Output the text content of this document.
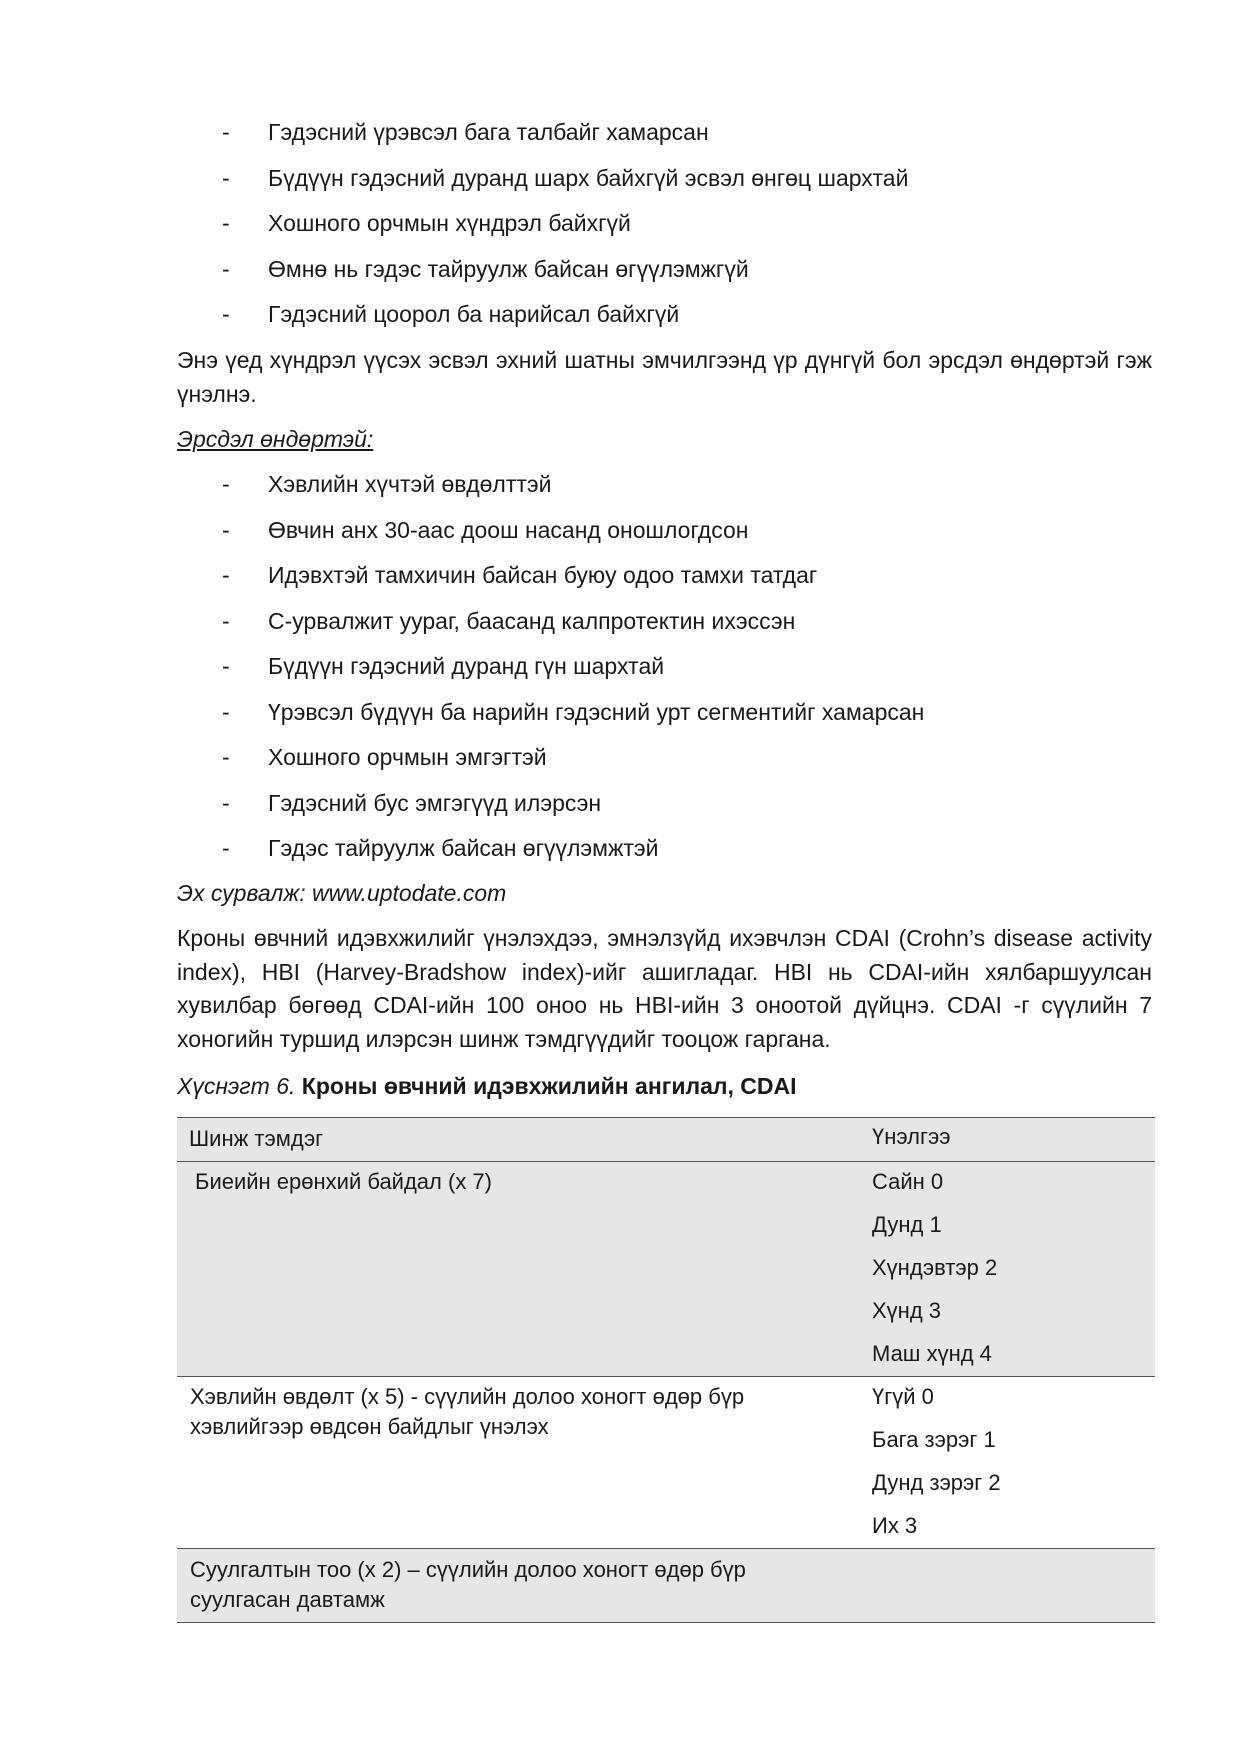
- Гэдэсний үрэвсэл бага талбайг хамарсан
- Бүдүүн гэдэсний дуранд шарх байхгүй эсвэл өнгөц шархтай
- Хошного орчмын хүндрэл байхгүй
- Өмнө нь гэдэс тайруулж байсан өгүүлэмжгүй
- Гэдэсний цоорол ба нарийсал байхгүй

Энэ үед хүндрэл үүсэх эсвэл эхний шатны эмчилгээнд үр дүнгүй бол эрсдэл өндөртэй гэж үнэлнэ.

Эрсдэл өндөртэй:

- Хэвлийн хүчтэй өвдөлттэй
- Өвчин анх 30-аас доош насанд оношлогдсон
- Идэвхтэй тамхичин байсан буюу одоо тамхи татдаг
- С-урвалжит уураг, баасанд калпротектин ихэссэн
- Бүдүүн гэдэсний дуранд гүн шархтай
- Үрэвсэл бүдүүн ба нарийн гэдэсний урт сегментийг хамарсан
- Хошного орчмын эмгэгтэй
- Гэдэсний бус эмгэгүүд илэрсэн
- Гэдэс тайруулж байсан өгүүлэмжтэй

Эх сурвалж: www.uptodate.com

Кроны өвчний идэвхжилийг үнэлэхдээ, эмнэлзүйд ихэвчлэн CDAI (Crohn’s disease activity index), HBI (Harvey-Bradshow index)-ийг ашигладаг. HBI нь CDAI-ийн хялбаршуулсан хувилбар бөгөөд CDAI-ийн 100 оноо нь HBI-ийн 3 оноотой дүйцнэ. CDAI -г сүүлийн 7 хоногийн туршид илэрсэн шинж тэмдгүүдийг тооцож гаргана.

Хүснэгт 6. Кроны өвчний идэвхжилийн ангилал, CDAI

Шинж тэмдэг	Үнэлгээ
Биеийн ерөнхий байдал (x 7)	Сайн 0
Дунд 1
Хүндэвтэр 2
Хүнд 3
Маш хүнд 4
Хэвлийн өвдөлт (x 5) - сүүлийн долоо хоногт өдөр бүр
хэвлийгээр өвдсөн байдлыг үнэлэх
Үгүй 0
Бага зэрэг 1
Дунд зэрэг 2
Их 3
Суулгалтын тоо (x 2) – сүүлийн долоо хоногт өдөр бүр
суулгасан давтамж
